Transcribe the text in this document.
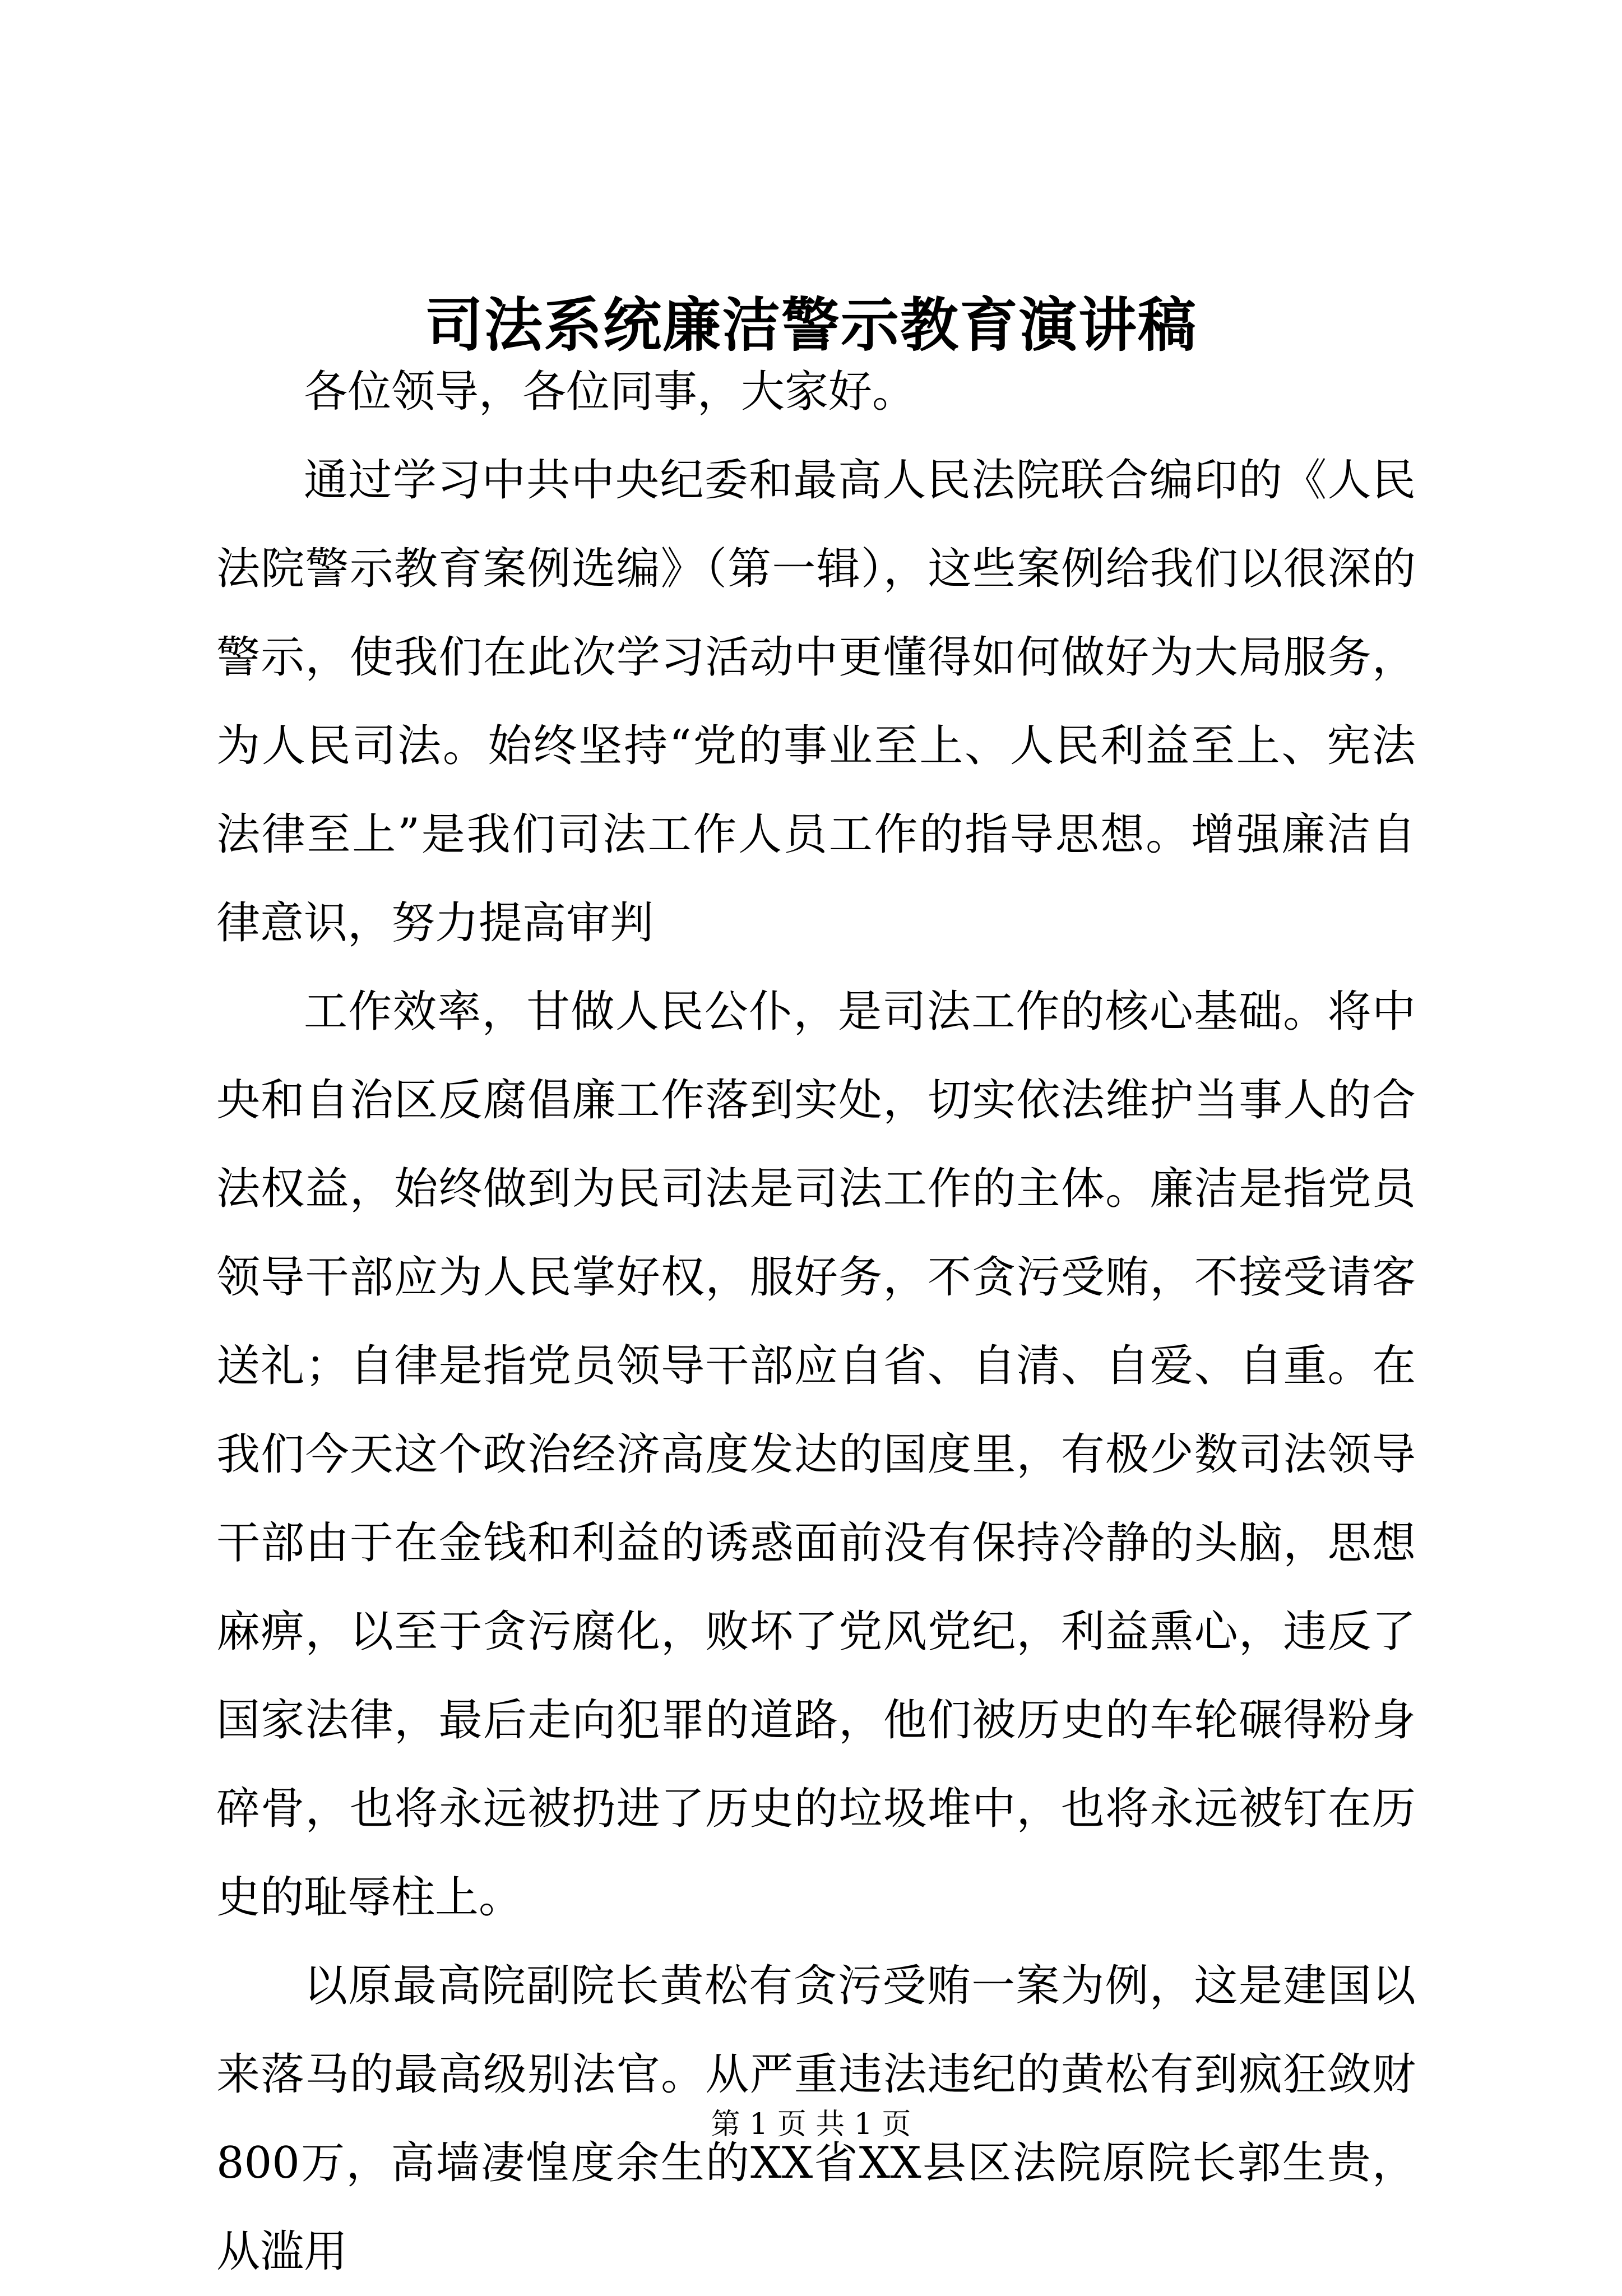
司法系统廉洁警示教育演讲稿

各位领导，各位同事，大家好。

通过学习中共中央纪委和最高人民法院联合编印的《人民法院警示教育案例选编》（第一辑），这些案例给我们以很深的警示，使我们在此次学习活动中更懂得如何做好为大局服务，为人民司法。始终坚持“党的事业至上、人民利益至上、宪法法律至上”是我们司法工作人员工作的指导思想。增强廉洁自律意识，努力提高审判

工作效率，甘做人民公仆，是司法工作的核心基础。将中央和自治区反腐倡廉工作落到实处，切实依法维护当事人的合法权益，始终做到为民司法是司法工作的主体。廉洁是指党员领导干部应为人民掌好权，服好务，不贪污受贿，不接受请客送礼；自律是指党员领导干部应自省、自清、自爱、自重。在我们今天这个政治经济高度发达的国度里，有极少数司法领导干部由于在金钱和利益的诱惑面前没有保持冷静的头脑，思想麻痹，以至于贪污腐化，败坏了党风党纪，利益熏心，违反了国家法律，最后走向犯罪的道路，他们被历史的车轮碾得粉身碎骨，也将永远被扔进了历史的垃圾堆中，也将永远被钉在历史的耻辱柱上。

以原最高院副院长黄松有贪污受贿一案为例，这是建国以来落马的最高级别法官。从严重违法违纪的黄松有到疯狂敛财800万，高墙凄惶度余生的XX省XX县区法院原院长郭生贵，从滥用

第 1 页 共 1 页
